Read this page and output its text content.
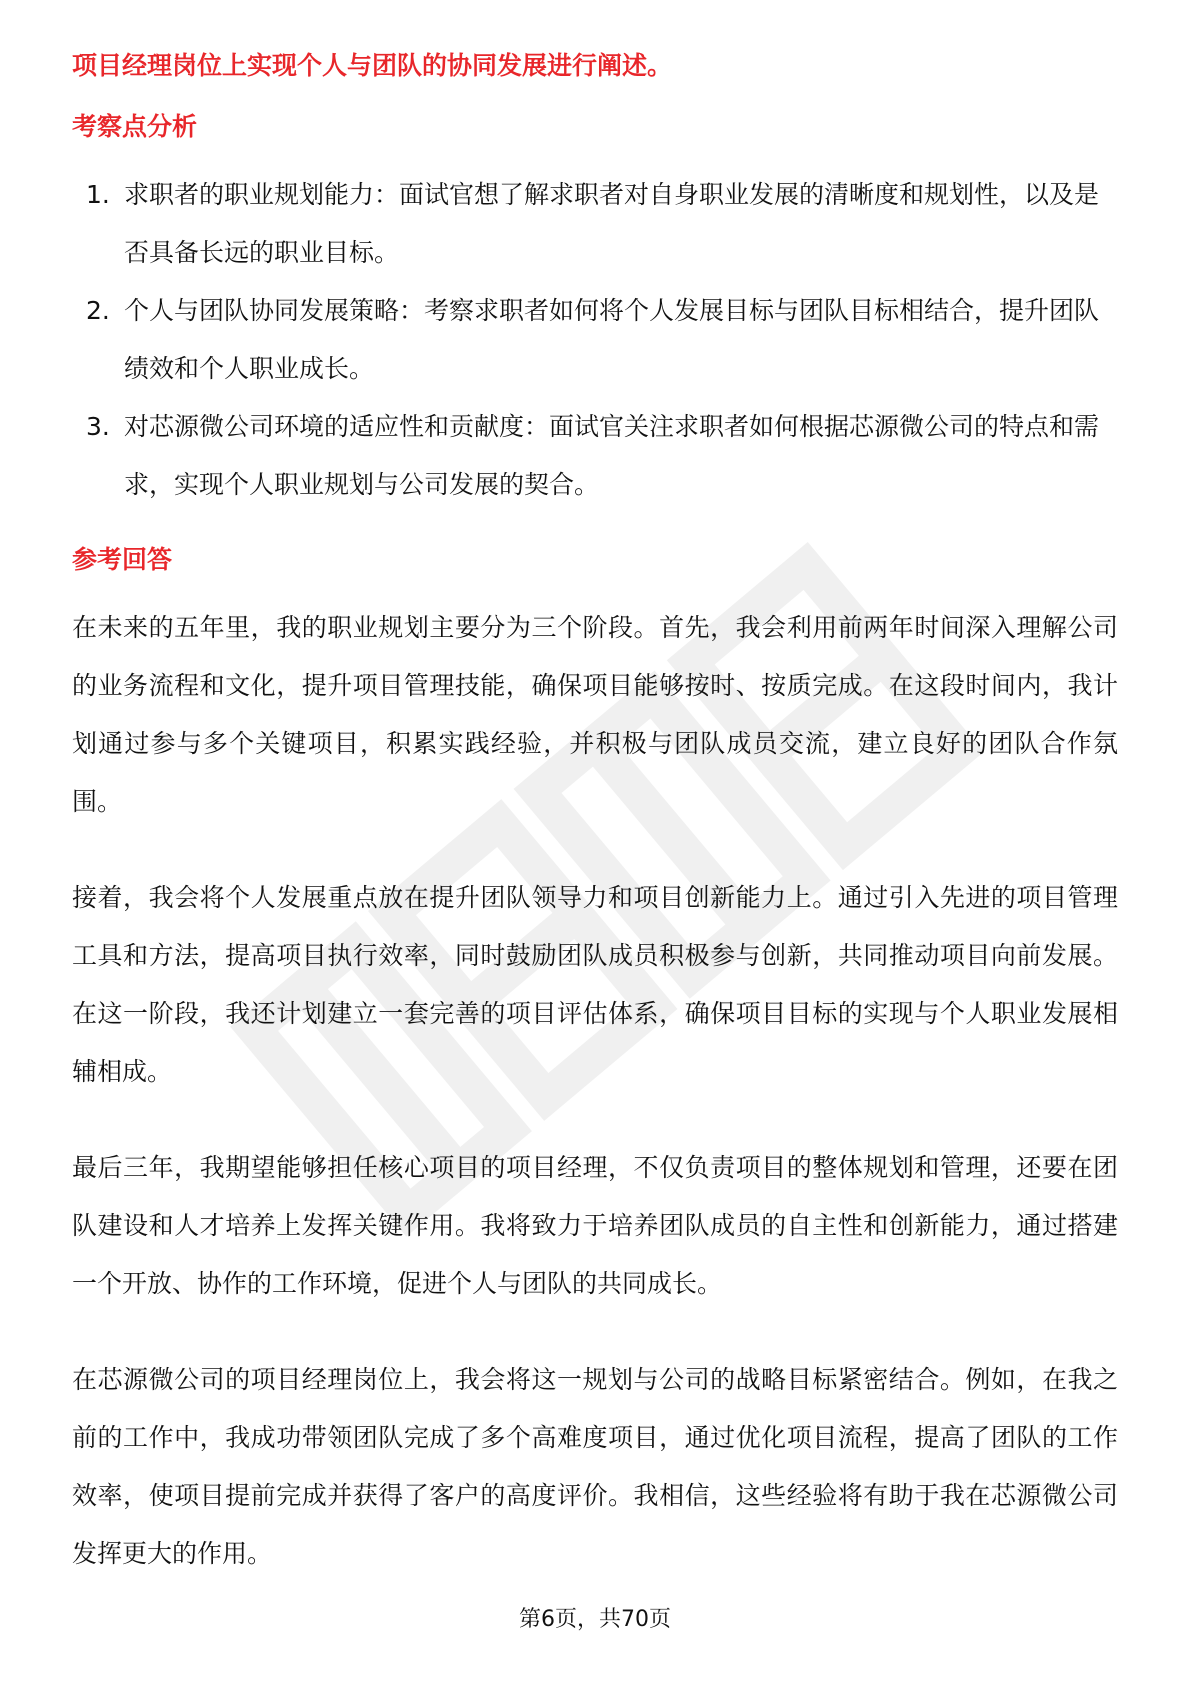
项目经理岗位上实现个人与团队的协同发展进行阐述。

考察点分析

1. 求职者的职业规划能力：面试官想了解求职者对自身职业发展的清晰度和规划性，以及是否具备长远的职业目标。
2. 个人与团队协同发展策略：考察求职者如何将个人发展目标与团队目标相结合，提升团队绩效和个人职业成长。
3. 对芯源微公司环境的适应性和贡献度：面试官关注求职者如何根据芯源微公司的特点和需求，实现个人职业规划与公司发展的契合。

参考回答

在未来的五年里，我的职业规划主要分为三个阶段。首先，我会利用前两年时间深入理解公司的业务流程和文化，提升项目管理技能，确保项目能够按时、按质完成。在这段时间内，我计划通过参与多个关键项目，积累实践经验，并积极与团队成员交流，建立良好的团队合作氛围。

接着，我会将个人发展重点放在提升团队领导力和项目创新能力上。通过引入先进的项目管理工具和方法，提高项目执行效率，同时鼓励团队成员积极参与创新，共同推动项目向前发展。在这一阶段，我还计划建立一套完善的项目评估体系，确保项目目标的实现与个人职业发展相辅相成。

最后三年，我期望能够担任核心项目的项目经理，不仅负责项目的整体规划和管理，还要在团队建设和人才培养上发挥关键作用。我将致力于培养团队成员的自主性和创新能力，通过搭建一个开放、协作的工作环境，促进个人与团队的共同成长。

在芯源微公司的项目经理岗位上，我会将这一规划与公司的战略目标紧密结合。例如，在我之前的工作中，我成功带领团队完成了多个高难度项目，通过优化项目流程，提高了团队的工作效率，使项目提前完成并获得了客户的高度评价。我相信，这些经验将有助于我在芯源微公司发挥更大的作用。

第6页，共70页
